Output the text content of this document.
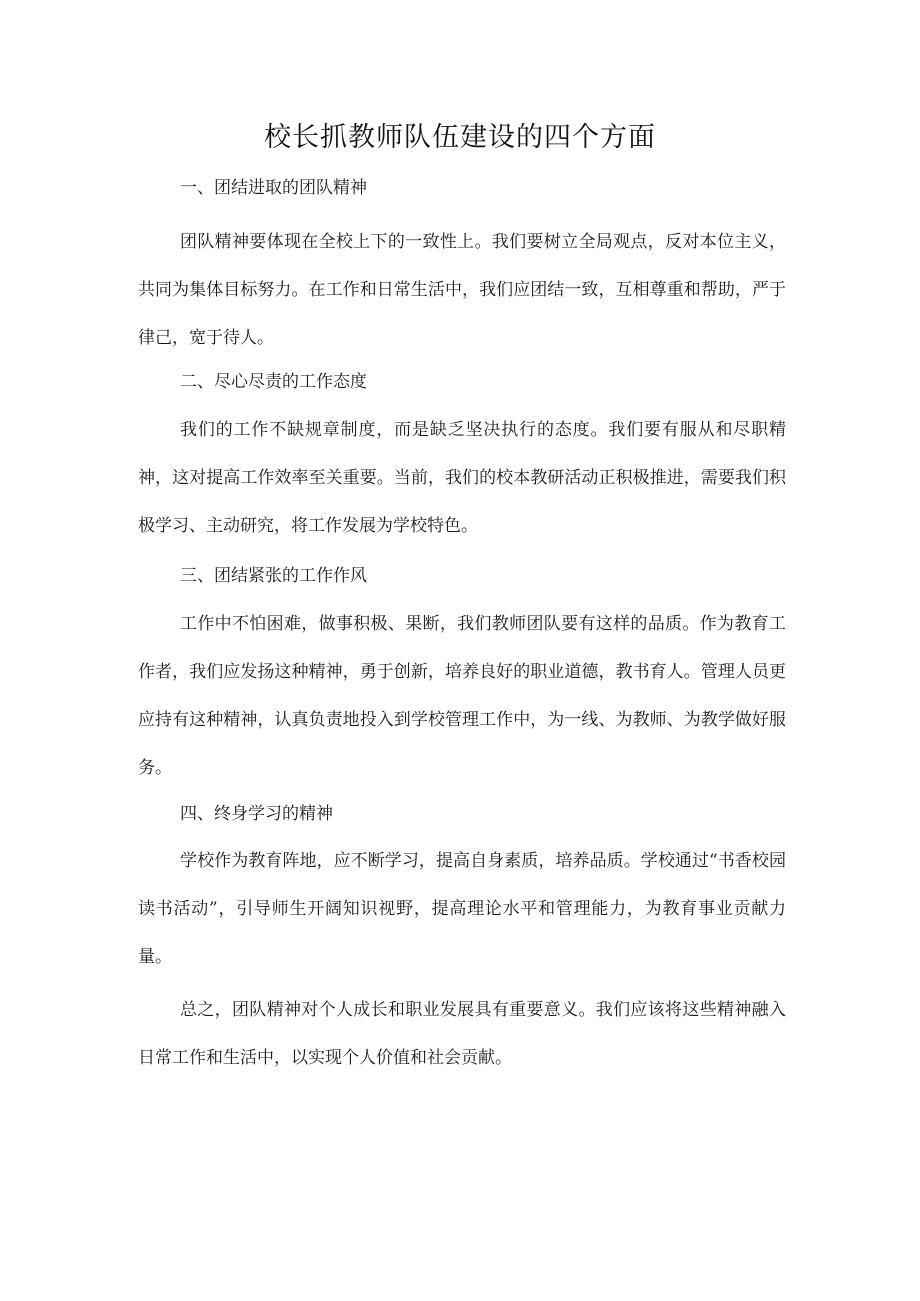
校长抓教师队伍建设的四个方面
一、团结进取的团队精神
团队精神要体现在全校上下的一致性上。我们要树立全局观点，反对本位主义，共同为集体目标努力。在工作和日常生活中，我们应团结一致，互相尊重和帮助，严于律己，宽于待人。
二、尽心尽责的工作态度
我们的工作不缺规章制度，而是缺乏坚决执行的态度。我们要有服从和尽职精神，这对提高工作效率至关重要。当前，我们的校本教研活动正积极推进，需要我们积极学习、主动研究，将工作发展为学校特色。
三、团结紧张的工作作风
工作中不怕困难，做事积极、果断，我们教师团队要有这样的品质。作为教育工作者，我们应发扬这种精神，勇于创新，培养良好的职业道德，教书育人。管理人员更应持有这种精神，认真负责地投入到学校管理工作中，为一线、为教师、为教学做好服务。
四、终身学习的精神
学校作为教育阵地，应不断学习，提高自身素质，培养品质。学校通过“书香校园读书活动”，引导师生开阔知识视野，提高理论水平和管理能力，为教育事业贡献力量。
总之，团队精神对个人成长和职业发展具有重要意义。我们应该将这些精神融入日常工作和生活中，以实现个人价值和社会贡献。
